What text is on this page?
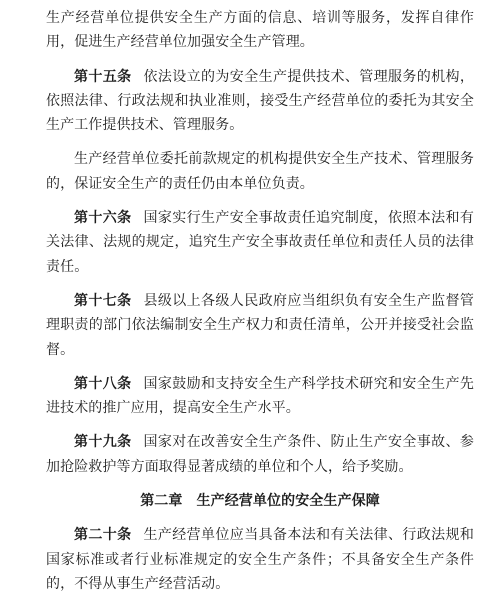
生产经营单位提供安全生产方面的信息、培训等服务，发挥自律作用，促进生产经营单位加强安全生产管理。

第十五条 依法设立的为安全生产提供技术、管理服务的机构，依照法律、行政法规和执业准则，接受生产经营单位的委托为其安全生产工作提供技术、管理服务。

生产经营单位委托前款规定的机构提供安全生产技术、管理服务的，保证安全生产的责任仍由本单位负责。

第十六条 国家实行生产安全事故责任追究制度，依照本法和有关法律、法规的规定，追究生产安全事故责任单位和责任人员的法律责任。

第十七条 县级以上各级人民政府应当组织负有安全生产监督管理职责的部门依法编制安全生产权力和责任清单，公开并接受社会监督。

第十八条 国家鼓励和支持安全生产科学技术研究和安全生产先进技术的推广应用，提高安全生产水平。

第十九条 国家对在改善安全生产条件、防止生产安全事故、参加抢险救护等方面取得显著成绩的单位和个人，给予奖励。

第二章 生产经营单位的安全生产保障

第二十条 生产经营单位应当具备本法和有关法律、行政法规和国家标准或者行业标准规定的安全生产条件；不具备安全生产条件的，不得从事生产经营活动。
